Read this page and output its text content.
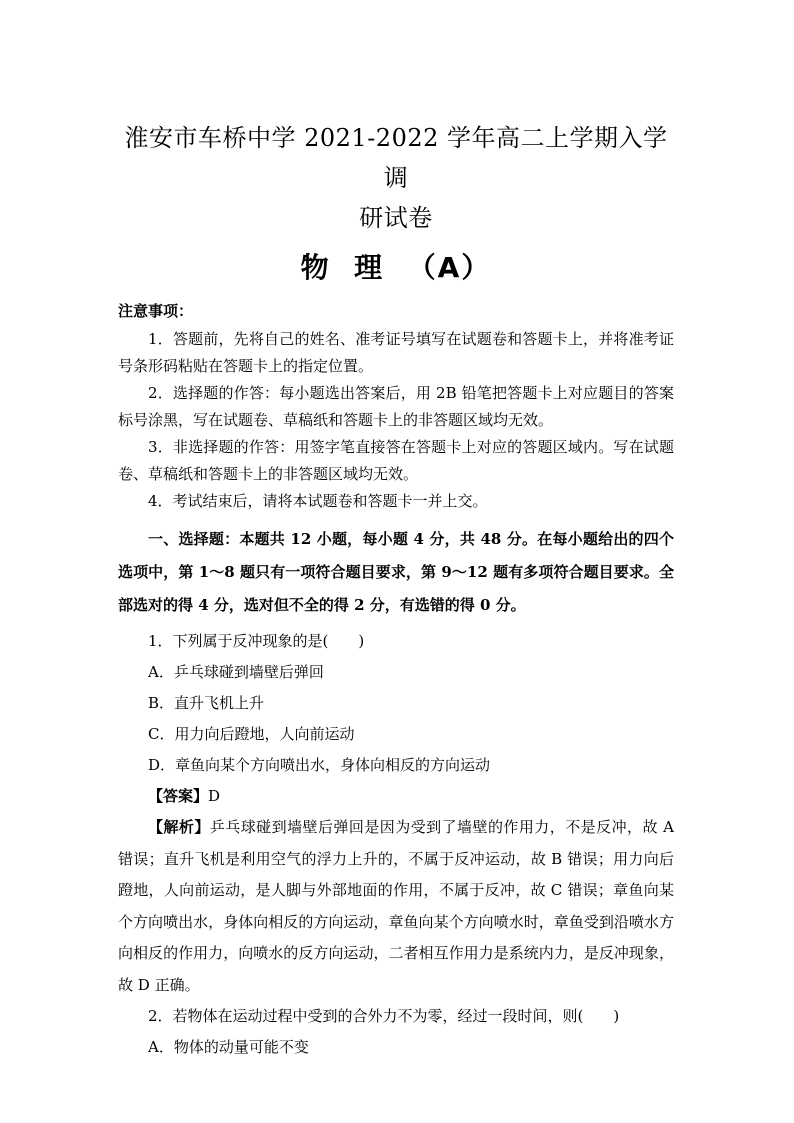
淮安市车桥中学 2021-2022 学年高二上学期入学调
研试卷
物  理  （A）
注意事项：
1．答题前，先将自己的姓名、准考证号填写在试题卷和答题卡上，并将准考证号条形码粘贴在答题卡上的指定位置。
2．选择题的作答：每小题选出答案后，用 2B 铅笔把答题卡上对应题目的答案标号涂黑，写在试题卷、草稿纸和答题卡上的非答题区域均无效。
3．非选择题的作答：用签字笔直接答在答题卡上对应的答题区域内。写在试题卷、草稿纸和答题卡上的非答题区域均无效。
4．考试结束后，请将本试题卷和答题卡一并上交。
一、选择题：本题共 12 小题，每小题 4 分，共 48 分。在每小题给出的四个选项中，第 1～8 题只有一项符合题目要求，第 9～12 题有多项符合题目要求。全部选对的得 4 分，选对但不全的得 2 分，有选错的得 0 分。
1．下列属于反冲现象的是(　　)
A．乒乓球碰到墙壁后弹回
B．直升飞机上升
C．用力向后蹬地，人向前运动
D．章鱼向某个方向喷出水，身体向相反的方向运动
【答案】D
【解析】乒乓球碰到墙壁后弹回是因为受到了墙壁的作用力，不是反冲，故 A 错误；直升飞机是利用空气的浮力上升的，不属于反冲运动，故 B 错误；用力向后蹬地，人向前运动，是人脚与外部地面的作用，不属于反冲，故 C 错误；章鱼向某个方向喷出水，身体向相反的方向运动，章鱼向某个方向喷水时，章鱼受到沿喷水方向相反的作用力，向喷水的反方向运动，二者相互作用力是系统内力，是反冲现象，故 D 正确。
2．若物体在运动过程中受到的合外力不为零，经过一段时间，则(　　)
A．物体的动量可能不变
